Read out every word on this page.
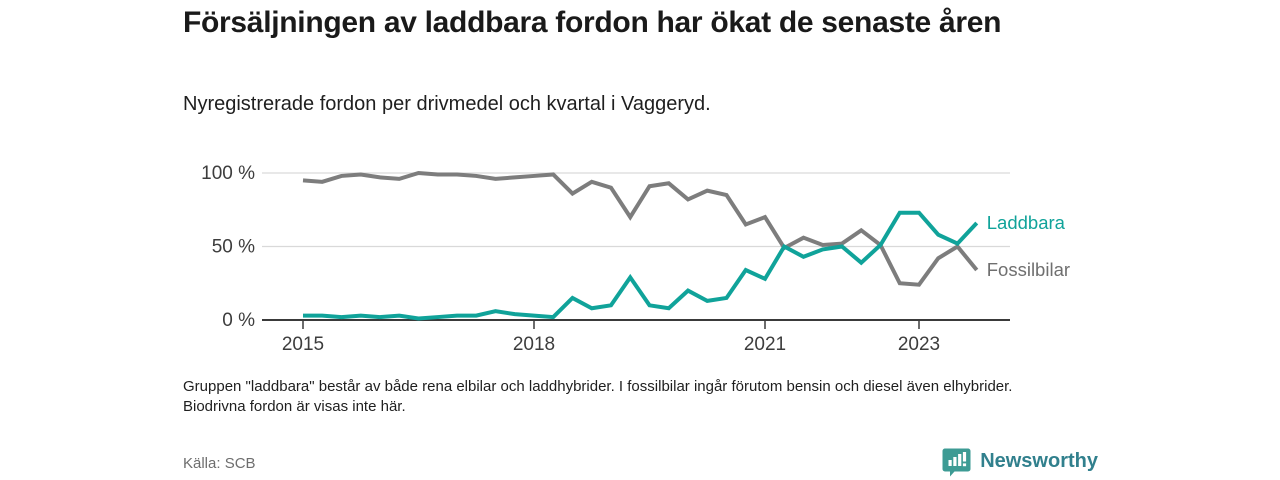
Försäljningen av laddbara fordon har ökat de senaste åren
Nyregistrerade fordon per drivmedel och kvartal i Vaggeryd.
0 %
50 %
100 %
2015	2018	2021	2023
Laddbara
Fossilbilar
Gruppen "laddbara" består av både rena elbilar och laddhybrider. I fossilbilar ingår förutom bensin och diesel även elhybrider. Biodrivna fordon är visas inte här.
Källa: SCB	Newsworthy
